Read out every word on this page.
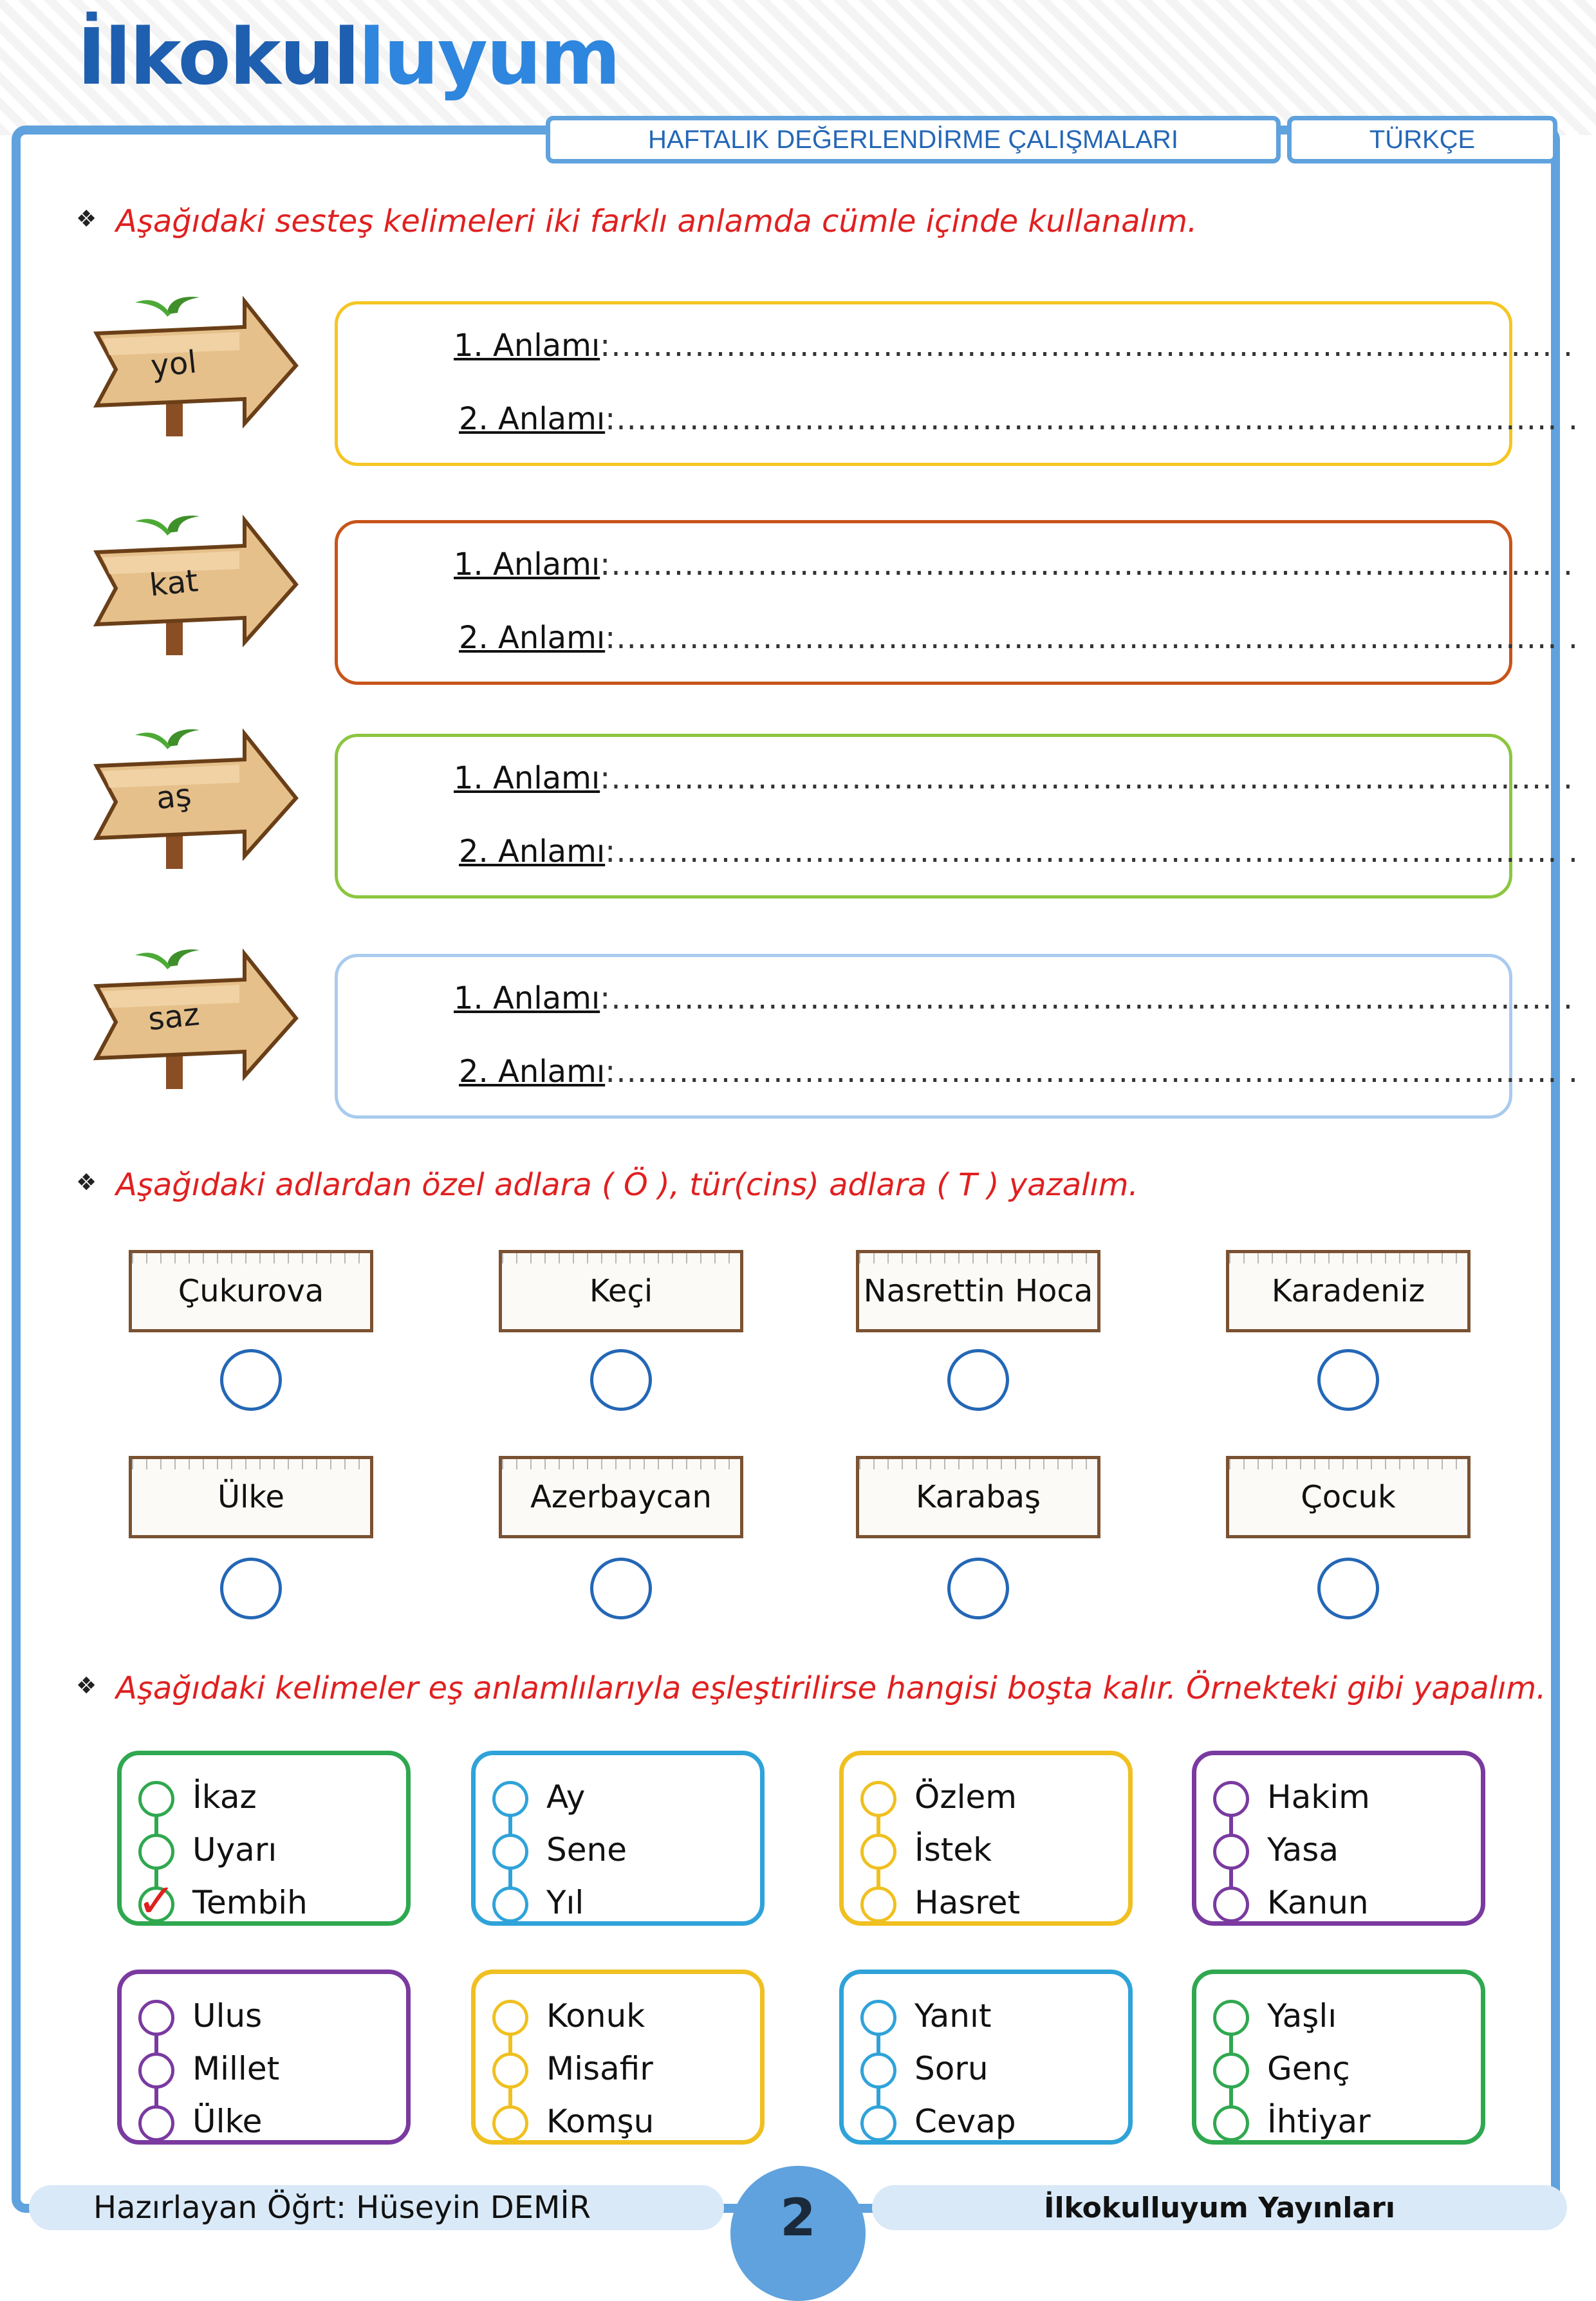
İlkokulluyum
HAFTALIK DEĞERLENDİRME ÇALIŞMALARI	TÜRKÇE
❖ Aşağıdaki sesteş kelimeleri iki farklı anlamda cümle içinde kullanalım.
yol	1. Anlamı:.......................................................................................... .
2. Anlamı:.......................................................................................... .
kat	1. Anlamı:.......................................................................................... .
2. Anlamı:.......................................................................................... .
aş	1. Anlamı:.......................................................................................... .
2. Anlamı:.......................................................................................... .
saz	1. Anlamı:.......................................................................................... .
2. Anlamı:.......................................................................................... .
❖ Aşağıdaki adlardan özel adlara ( Ö ), tür(cins) adlara ( T ) yazalım.
Çukurova	Keçi	Nasrettin Hoca	Karadeniz
Ülke	Azerbaycan	Karabaş	Çocuk
❖ Aşağıdaki kelimeler eş anlamlılarıyla eşleştirilirse hangisi boşta kalır. Örnekteki gibi yapalım.
İkaz
Uyarı
✓ Tembih
Ay
Sene
Yıl
Özlem
İstek
Hasret
Hakim
Yasa
Kanun
Ulus
Millet
Ülke
Konuk
Misafir
Komşu
Yanıt
Soru
Cevap
Yaşlı
Genç
İhtiyar
Hazırlayan Öğrt: Hüseyin DEMİR	İlkokulluyum Yayınları
2
